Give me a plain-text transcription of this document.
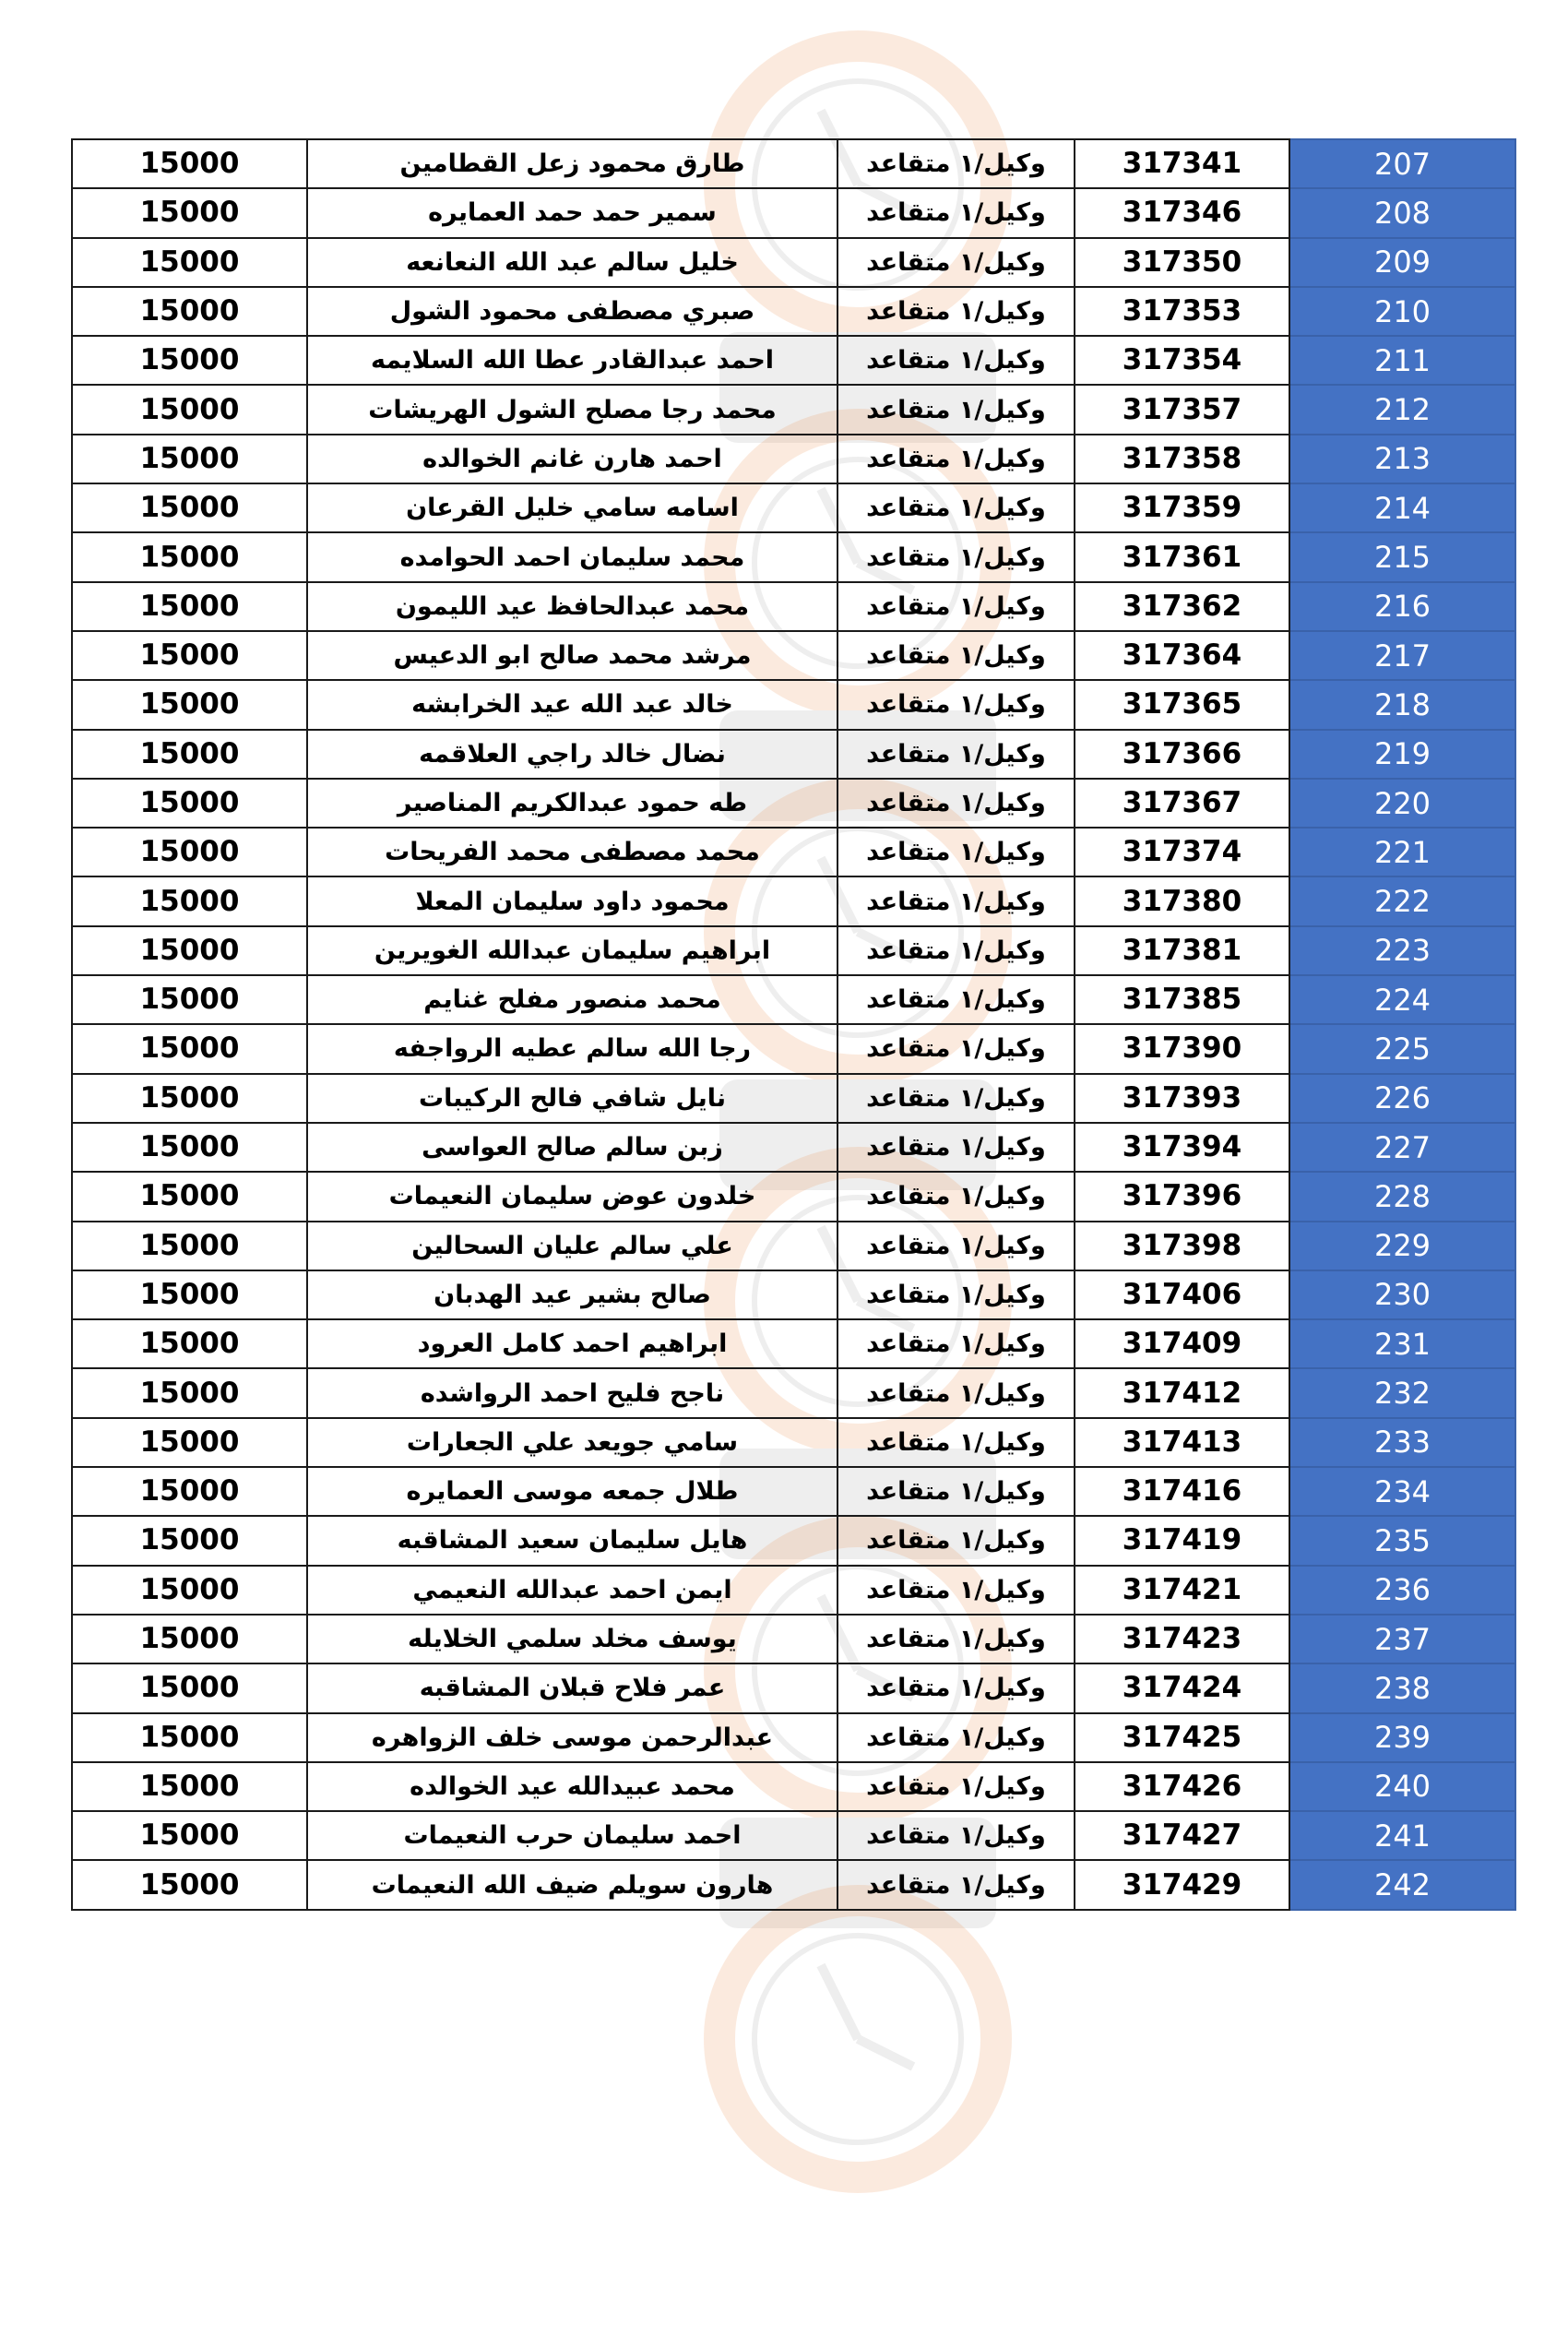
15000	طارق محمود زعل القطامين	وكيل/١ متقاعد	317341	207
15000	سمير حمد حمد العمايره	وكيل/١ متقاعد	317346	208
15000	خليل سالم عبد الله النعانعه	وكيل/١ متقاعد	317350	209
15000	صبري مصطفى محمود الشول	وكيل/١ متقاعد	317353	210
15000	احمد عبدالقادر عطا الله السلايمه	وكيل/١ متقاعد	317354	211
15000	محمد رجا مصلح الشول الهريشات	وكيل/١ متقاعد	317357	212
15000	احمد هارن غانم الخوالده	وكيل/١ متقاعد	317358	213
15000	اسامه سامي خليل القرعان	وكيل/١ متقاعد	317359	214
15000	محمد سليمان احمد الحوامده	وكيل/١ متقاعد	317361	215
15000	محمد عبدالحافظ عيد الليمون	وكيل/١ متقاعد	317362	216
15000	مرشد محمد صالح ابو الدعيس	وكيل/١ متقاعد	317364	217
15000	خالد عبد الله عيد الخرابشه	وكيل/١ متقاعد	317365	218
15000	نضال خالد راجي العلاقمه	وكيل/١ متقاعد	317366	219
15000	طه حمود عبدالكريم المناصير	وكيل/١ متقاعد	317367	220
15000	محمد مصطفى محمد الفريحات	وكيل/١ متقاعد	317374	221
15000	محمود داود سليمان المعلا	وكيل/١ متقاعد	317380	222
15000	ابراهيم سليمان عبدالله الغويرين	وكيل/١ متقاعد	317381	223
15000	محمد منصور مفلح غنايم	وكيل/١ متقاعد	317385	224
15000	رجا الله سالم عطيه الرواجفه	وكيل/١ متقاعد	317390	225
15000	نايل شافي فالح الركيبات	وكيل/١ متقاعد	317393	226
15000	زبن سالم صالح العواسى	وكيل/١ متقاعد	317394	227
15000	خلدون عوض سليمان النعيمات	وكيل/١ متقاعد	317396	228
15000	علي سالم عليان السحالين	وكيل/١ متقاعد	317398	229
15000	صالح بشير عيد الهدبان	وكيل/١ متقاعد	317406	230
15000	ابراهيم احمد كامل العرود	وكيل/١ متقاعد	317409	231
15000	ناجح فليح احمد الرواشده	وكيل/١ متقاعد	317412	232
15000	سامي جويعد علي الجعارات	وكيل/١ متقاعد	317413	233
15000	طلال جمعه موسى العمايره	وكيل/١ متقاعد	317416	234
15000	هايل سليمان سعيد المشاقبه	وكيل/١ متقاعد	317419	235
15000	ايمن احمد عبدالله النعيمي	وكيل/١ متقاعد	317421	236
15000	يوسف مخلد سلمي الخلايله	وكيل/١ متقاعد	317423	237
15000	عمر فلاح قبلان المشاقبه	وكيل/١ متقاعد	317424	238
15000	عبدالرحمن موسى خلف الزواهره	وكيل/١ متقاعد	317425	239
15000	محمد عبيدالله عيد الخوالده	وكيل/١ متقاعد	317426	240
15000	احمد سليمان حرب النعيمات	وكيل/١ متقاعد	317427	241
15000	هارون سويلم ضيف الله النعيمات	وكيل/١ متقاعد	317429	242
